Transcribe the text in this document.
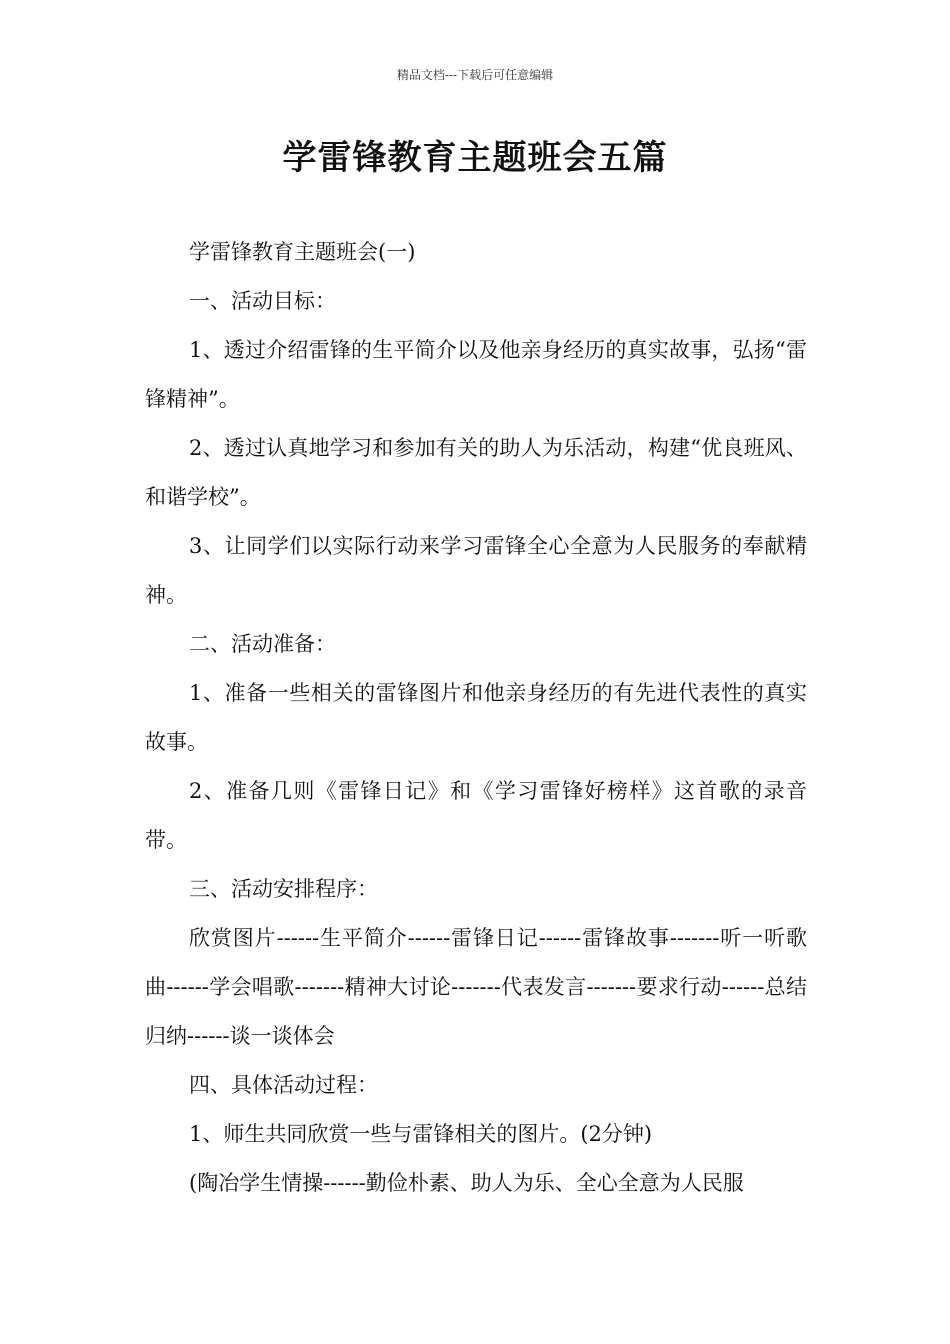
精品文档---下载后可任意编辑
学雷锋教育主题班会五篇

学雷锋教育主题班会(一)

一、活动目标：

1、透过介绍雷锋的生平简介以及他亲身经历的真实故事，弘扬“雷锋精神”。

2、透过认真地学习和参加有关的助人为乐活动，构建“优良班风、和谐学校”。

3、让同学们以实际行动来学习雷锋全心全意为人民服务的奉献精神。

二、活动准备：

1、准备一些相关的雷锋图片和他亲身经历的有先进代表性的真实故事。

2、准备几则《雷锋日记》和《学习雷锋好榜样》这首歌的录音带。

三、活动安排程序：

欣赏图片------生平简介------雷锋日记------雷锋故事-------听一听歌曲------学会唱歌-------精神大讨论-------代表发言-------要求行动------总结归纳------谈一谈体会

四、具体活动过程：

1、师生共同欣赏一些与雷锋相关的图片。(2分钟)

(陶冶学生情操------勤俭朴素、助人为乐、全心全意为人民服
